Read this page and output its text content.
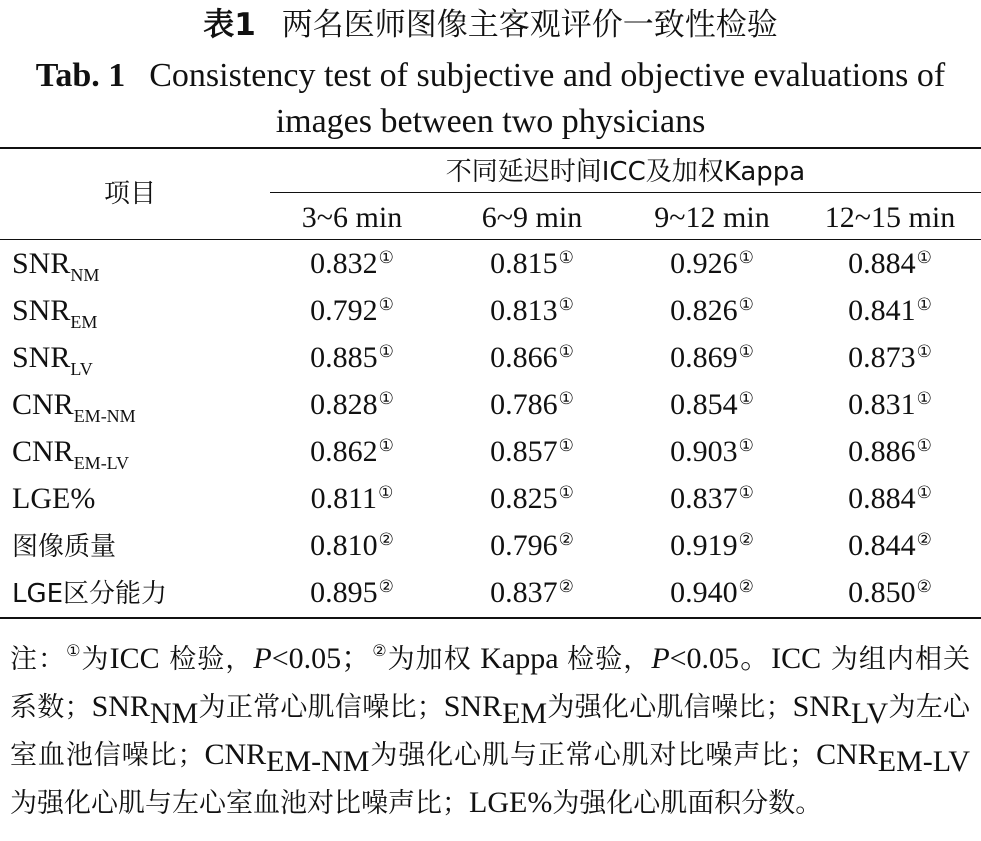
表1 两名医师图像主客观评价一致性检验
Tab. 1 Consistency test of subjective and objective evaluations of images between two physicians
项目
不同延迟时间ICC及加权Kappa
3~6 min	6~9 min	9~12 min	12~15 min
$SNR_{NM}$	0.832①	0.815①	0.926①	0.884①
$SNR_{EM}$	0.792①	0.813①	0.826①	0.841①
$SNR_{LV}$	0.885①	0.866①	0.869①	0.873①
$CNR_{EM-NM}$	0.828①	0.786①	0.854①	0.831①
$CNR_{EM-LV}$	0.862①	0.857①	0.903①	0.886①
LGE%	0.811①	0.825①	0.837①	0.884①
图像质量	0.810②	0.796②	0.919②	0.844②
LGE区分能力	0.895②	0.837②	0.940②	0.850②
注：①为ICC 检验，P<0.05；②为加权 Kappa 检验，P<0.05。ICC 为组内相关系数；$SNR_{NM}$为正常心肌信噪比；$SNR_{EM}$为强化心肌信噪比；$SNR_{LV}$为左心室血池信噪比；$CNR_{EM-NM}$为强化心肌与正常心肌对比噪声比；$CNR_{EM-LV}$为强化心肌与左心室血池对比噪声比；LGE%为强化心肌面积分数。
